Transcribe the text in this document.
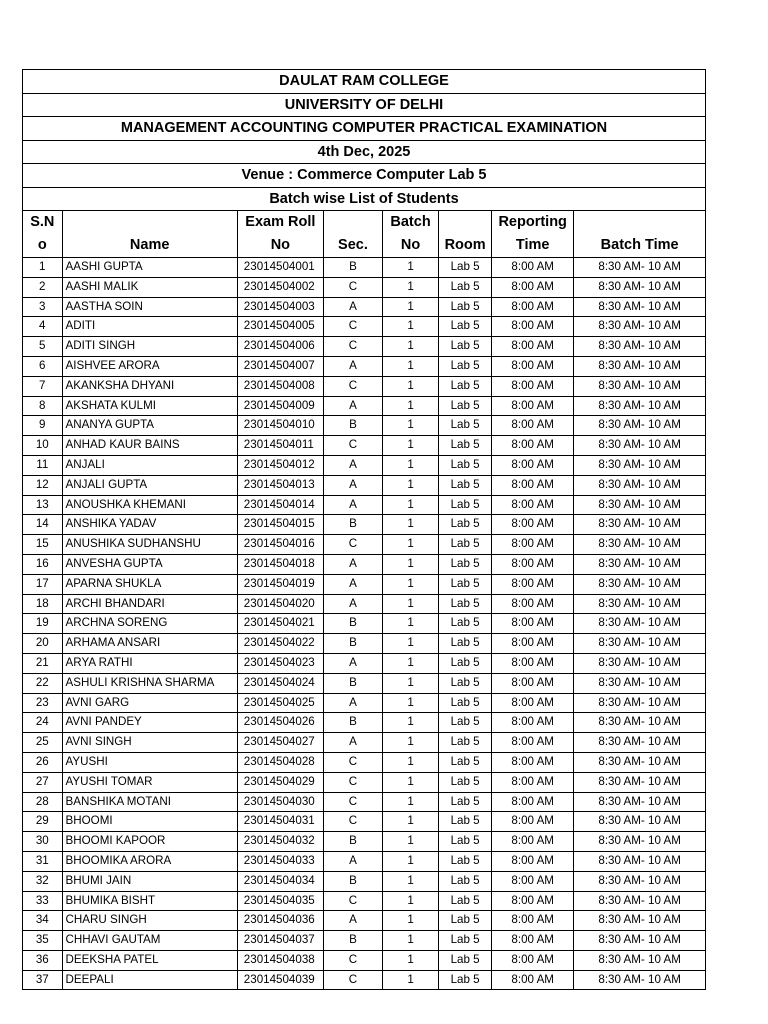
DAULAT RAM COLLEGE
UNIVERSITY OF DELHI
MANAGEMENT ACCOUNTING COMPUTER PRACTICAL EXAMINATION
4th Dec, 2025
Venue : Commerce Computer Lab 5
Batch wise List of Students
S.N		Exam Roll		Batch		Reporting	
o	Name	No	Sec.	No	Room	Time	Batch Time
1	AASHI GUPTA	23014504001	B	1	Lab 5	8:00 AM	8:30 AM- 10 AM
2	AASHI MALIK	23014504002	C	1	Lab 5	8:00 AM	8:30 AM- 10 AM
3	AASTHA SOIN	23014504003	A	1	Lab 5	8:00 AM	8:30 AM- 10 AM
4	ADITI	23014504005	C	1	Lab 5	8:00 AM	8:30 AM- 10 AM
5	ADITI SINGH	23014504006	C	1	Lab 5	8:00 AM	8:30 AM- 10 AM
6	AISHVEE ARORA	23014504007	A	1	Lab 5	8:00 AM	8:30 AM- 10 AM
7	AKANKSHA DHYANI	23014504008	C	1	Lab 5	8:00 AM	8:30 AM- 10 AM
8	AKSHATA KULMI	23014504009	A	1	Lab 5	8:00 AM	8:30 AM- 10 AM
9	ANANYA GUPTA	23014504010	B	1	Lab 5	8:00 AM	8:30 AM- 10 AM
10	ANHAD KAUR BAINS	23014504011	C	1	Lab 5	8:00 AM	8:30 AM- 10 AM
11	ANJALI	23014504012	A	1	Lab 5	8:00 AM	8:30 AM- 10 AM
12	ANJALI GUPTA	23014504013	A	1	Lab 5	8:00 AM	8:30 AM- 10 AM
13	ANOUSHKA KHEMANI	23014504014	A	1	Lab 5	8:00 AM	8:30 AM- 10 AM
14	ANSHIKA YADAV	23014504015	B	1	Lab 5	8:00 AM	8:30 AM- 10 AM
15	ANUSHIKA SUDHANSHU	23014504016	C	1	Lab 5	8:00 AM	8:30 AM- 10 AM
16	ANVESHA GUPTA	23014504018	A	1	Lab 5	8:00 AM	8:30 AM- 10 AM
17	APARNA SHUKLA	23014504019	A	1	Lab 5	8:00 AM	8:30 AM- 10 AM
18	ARCHI BHANDARI	23014504020	A	1	Lab 5	8:00 AM	8:30 AM- 10 AM
19	ARCHNA SORENG	23014504021	B	1	Lab 5	8:00 AM	8:30 AM- 10 AM
20	ARHAMA ANSARI	23014504022	B	1	Lab 5	8:00 AM	8:30 AM- 10 AM
21	ARYA RATHI	23014504023	A	1	Lab 5	8:00 AM	8:30 AM- 10 AM
22	ASHULI KRISHNA SHARMA	23014504024	B	1	Lab 5	8:00 AM	8:30 AM- 10 AM
23	AVNI GARG	23014504025	A	1	Lab 5	8:00 AM	8:30 AM- 10 AM
24	AVNI PANDEY	23014504026	B	1	Lab 5	8:00 AM	8:30 AM- 10 AM
25	AVNI SINGH	23014504027	A	1	Lab 5	8:00 AM	8:30 AM- 10 AM
26	AYUSHI	23014504028	C	1	Lab 5	8:00 AM	8:30 AM- 10 AM
27	AYUSHI TOMAR	23014504029	C	1	Lab 5	8:00 AM	8:30 AM- 10 AM
28	BANSHIKA MOTANI	23014504030	C	1	Lab 5	8:00 AM	8:30 AM- 10 AM
29	BHOOMI	23014504031	C	1	Lab 5	8:00 AM	8:30 AM- 10 AM
30	BHOOMI KAPOOR	23014504032	B	1	Lab 5	8:00 AM	8:30 AM- 10 AM
31	BHOOMIKA ARORA	23014504033	A	1	Lab 5	8:00 AM	8:30 AM- 10 AM
32	BHUMI JAIN	23014504034	B	1	Lab 5	8:00 AM	8:30 AM- 10 AM
33	BHUMIKA BISHT	23014504035	C	1	Lab 5	8:00 AM	8:30 AM- 10 AM
34	CHARU SINGH	23014504036	A	1	Lab 5	8:00 AM	8:30 AM- 10 AM
35	CHHAVI GAUTAM	23014504037	B	1	Lab 5	8:00 AM	8:30 AM- 10 AM
36	DEEKSHA PATEL	23014504038	C	1	Lab 5	8:00 AM	8:30 AM- 10 AM
37	DEEPALI	23014504039	C	1	Lab 5	8:00 AM	8:30 AM- 10 AM
